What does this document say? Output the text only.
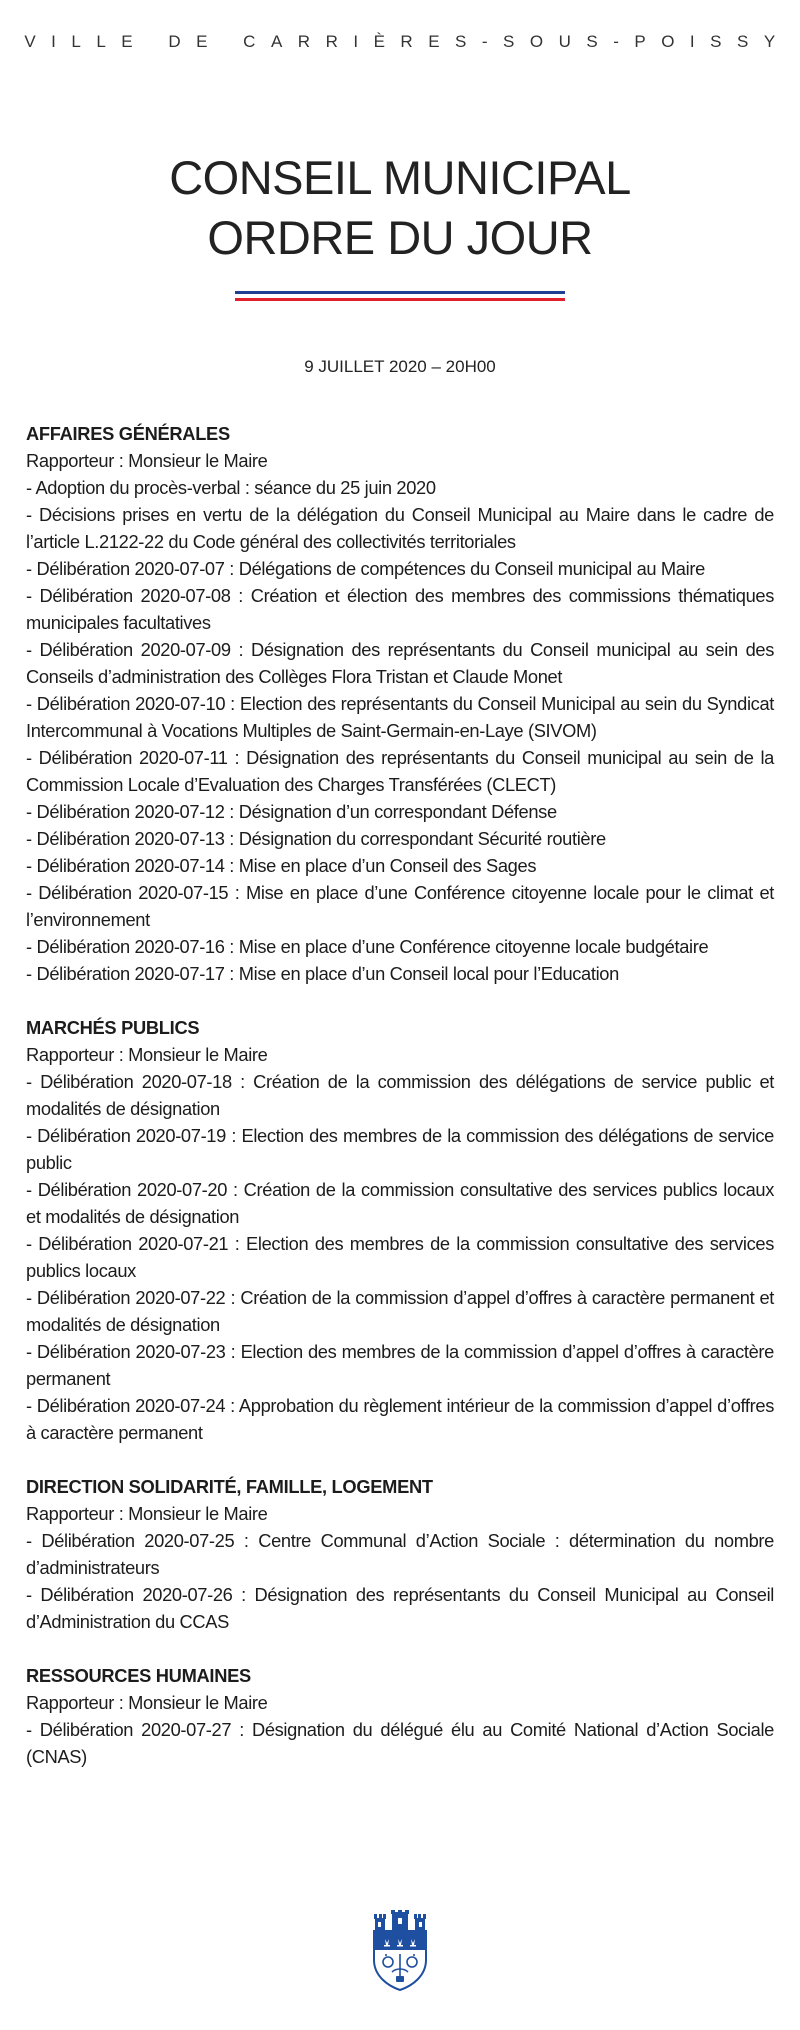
VILLE DE CARRIÈRES-SOUS-POISSY
CONSEIL MUNICIPAL
ORDRE DU JOUR
9 JUILLET 2020 – 20H00
AFFAIRES GÉNÉRALES
Rapporteur : Monsieur le Maire
- Adoption du procès-verbal : séance du 25 juin 2020
- Décisions prises en vertu de la délégation du Conseil Municipal au Maire dans le cadre de l’article L.2122-22 du Code général des collectivités territoriales
- Délibération 2020-07-07 : Délégations de compétences du Conseil municipal au Maire
- Délibération 2020-07-08 : Création et élection des membres des commissions thématiques municipales facultatives
- Délibération 2020-07-09 : Désignation des représentants du Conseil municipal au sein des Conseils d’administration des Collèges Flora Tristan et Claude Monet
- Délibération 2020-07-10 : Election des représentants du Conseil Municipal au sein du Syndicat Intercommunal à Vocations Multiples de Saint-Germain-en-Laye (SIVOM)
- Délibération 2020-07-11 : Désignation des représentants du Conseil municipal au sein de la Commission Locale d’Evaluation des Charges Transférées (CLECT)
- Délibération 2020-07-12 : Désignation d’un correspondant Défense
- Délibération 2020-07-13 : Désignation du correspondant Sécurité routière
- Délibération 2020-07-14 : Mise en place d’un Conseil des Sages
- Délibération 2020-07-15 : Mise en place d’une Conférence citoyenne locale pour le climat et l’environnement
- Délibération 2020-07-16 : Mise en place d’une Conférence citoyenne locale budgétaire
- Délibération 2020-07-17 : Mise en place d’un Conseil local pour l’Education
MARCHÉS PUBLICS
Rapporteur : Monsieur le Maire
- Délibération 2020-07-18 : Création de la commission des délégations de service public et modalités de désignation
- Délibération 2020-07-19 : Election des membres de la commission des délégations de service public
- Délibération 2020-07-20 : Création de la commission consultative des services publics locaux et modalités de désignation
- Délibération 2020-07-21 : Election des membres de la commission consultative des services publics locaux
- Délibération 2020-07-22 : Création de la commission d’appel d’offres à caractère permanent et modalités de désignation
- Délibération 2020-07-23 : Election des membres de la commission d’appel d’offres à caractère permanent
- Délibération 2020-07-24 : Approbation du règlement intérieur de la commission d’appel d’offres à caractère permanent
DIRECTION SOLIDARITÉ, FAMILLE, LOGEMENT
Rapporteur : Monsieur le Maire
- Délibération 2020-07-25 : Centre Communal d’Action Sociale : détermination du nombre d’administrateurs
- Délibération 2020-07-26 : Désignation des représentants du Conseil Municipal au Conseil d’Administration du CCAS
RESSOURCES HUMAINES
Rapporteur : Monsieur le Maire
- Délibération 2020-07-27 : Désignation du délégué élu au Comité National d’Action Sociale (CNAS)
